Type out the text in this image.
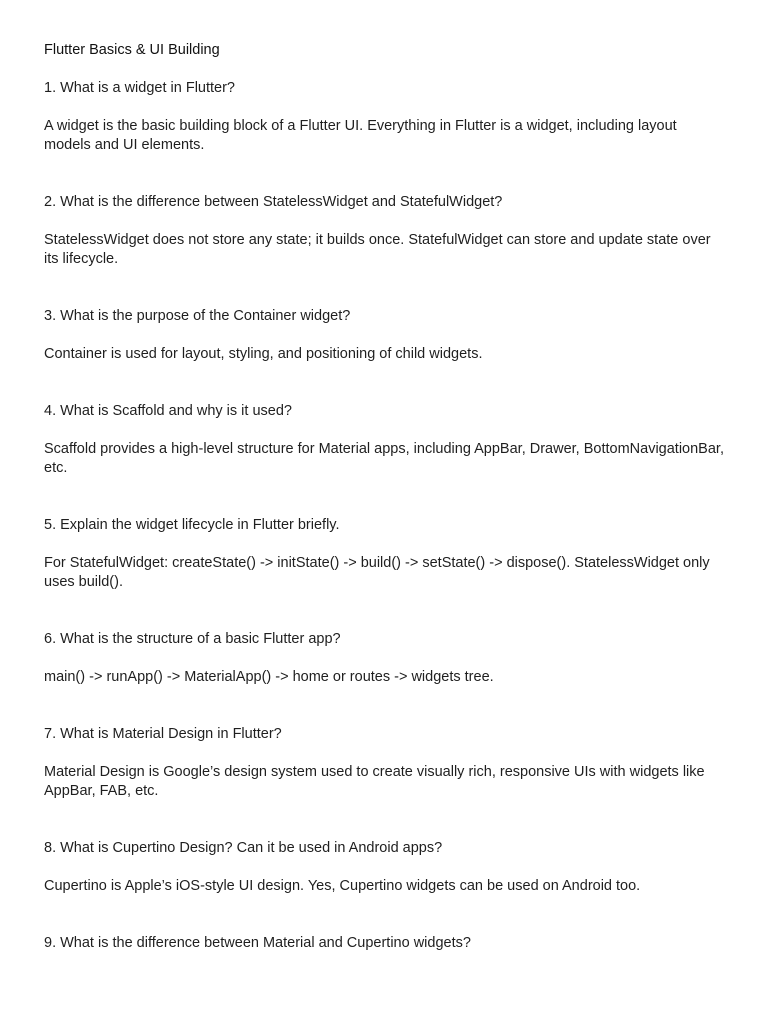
Flutter Basics & UI Building

1. What is a widget in Flutter?

A widget is the basic building block of a Flutter UI. Everything in Flutter is a widget, including layout models and UI elements.

2. What is the difference between StatelessWidget and StatefulWidget?

StatelessWidget does not store any state; it builds once. StatefulWidget can store and update state over its lifecycle.

3. What is the purpose of the Container widget?

Container is used for layout, styling, and positioning of child widgets.

4. What is Scaffold and why is it used?

Scaffold provides a high-level structure for Material apps, including AppBar, Drawer, BottomNavigationBar, etc.

5. Explain the widget lifecycle in Flutter briefly.

For StatefulWidget: createState() -> initState() -> build() -> setState() -> dispose(). StatelessWidget only uses build().

6. What is the structure of a basic Flutter app?

main() -> runApp() -> MaterialApp() -> home or routes -> widgets tree.

7. What is Material Design in Flutter?

Material Design is Google’s design system used to create visually rich, responsive UIs with widgets like AppBar, FAB, etc.

8. What is Cupertino Design? Can it be used in Android apps?

Cupertino is Apple’s iOS-style UI design. Yes, Cupertino widgets can be used on Android too.

9. What is the difference between Material and Cupertino widgets?
